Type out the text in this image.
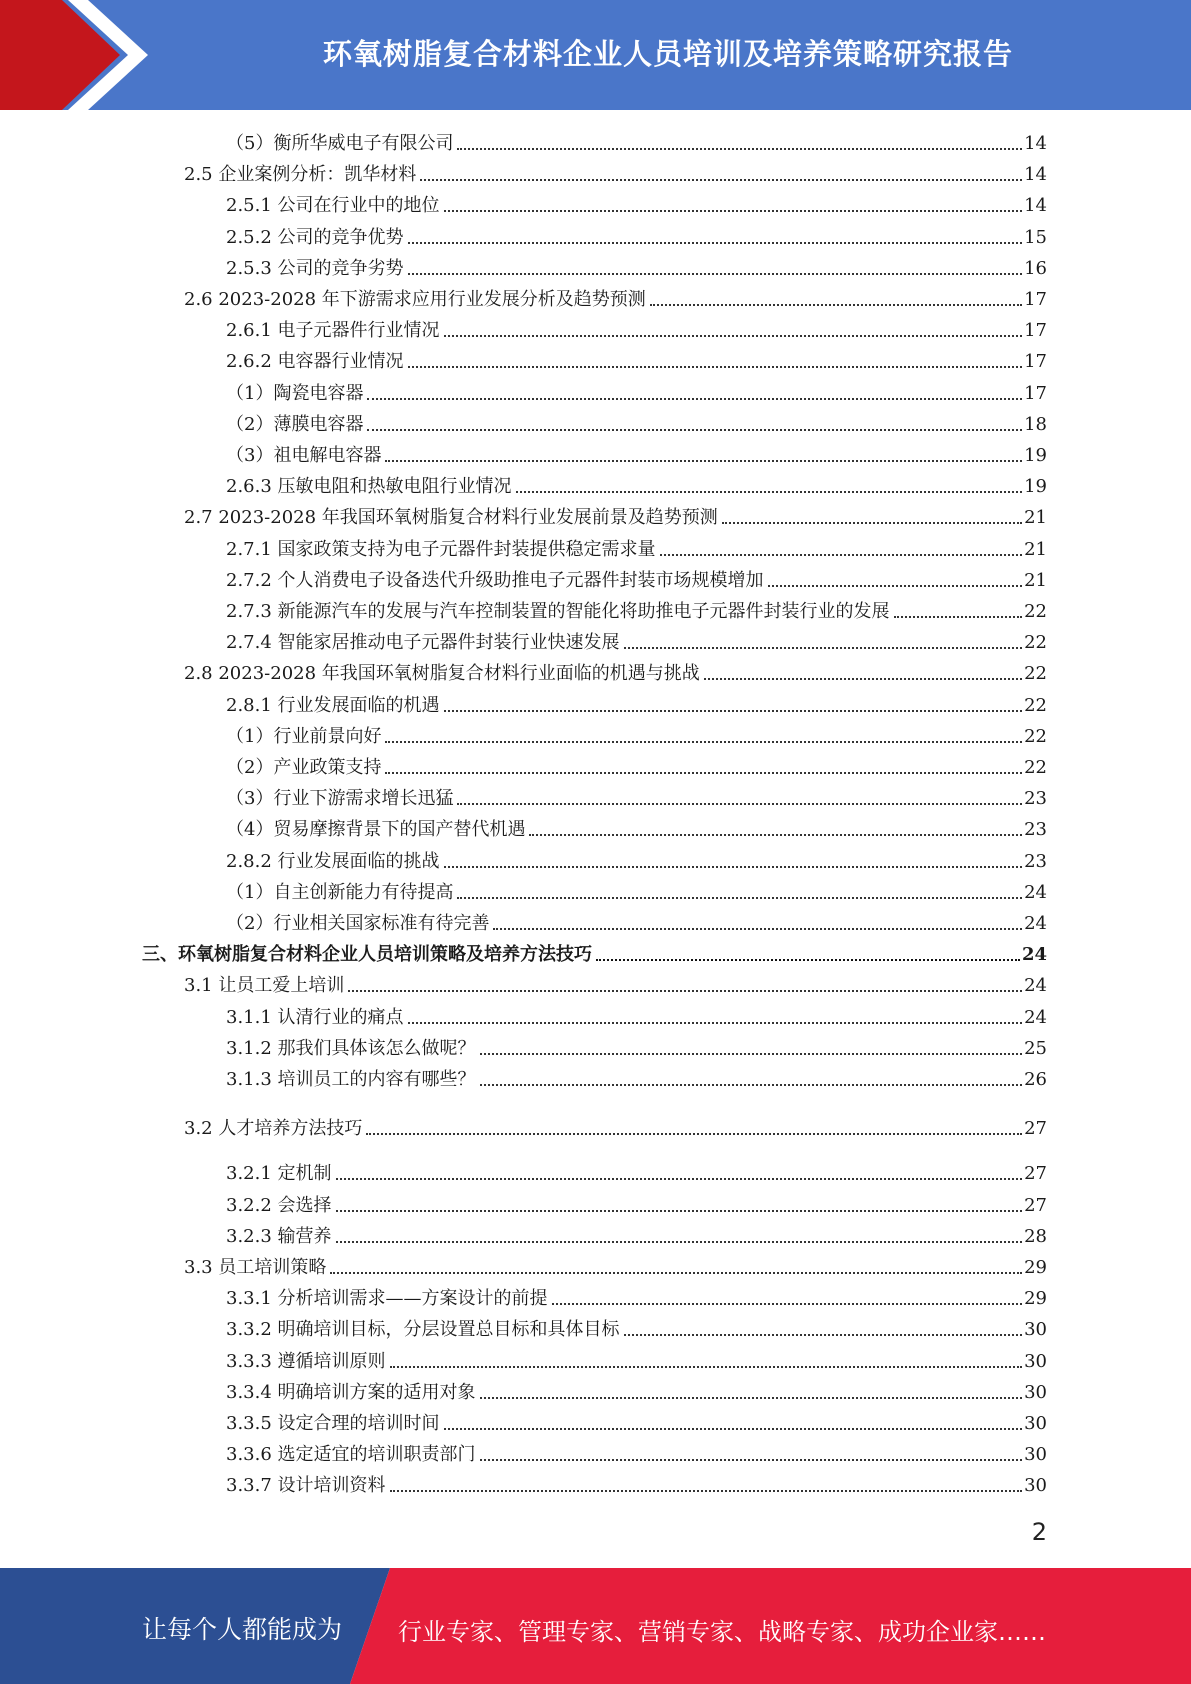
环氧树脂复合材料企业人员培训及培养策略研究报告
（5）衡所华威电子有限公司	14
2.5 企业案例分析：凯华材料	14
2.5.1 公司在行业中的地位	14
2.5.2 公司的竞争优势	15
2.5.3 公司的竞争劣势	16
2.6 2023-2028 年下游需求应用行业发展分析及趋势预测	17
2.6.1 电子元器件行业情况	17
2.6.2 电容器行业情况	17
（1）陶瓷电容器	17
（2）薄膜电容器	18
（3）祖电解电容器	19
2.6.3 压敏电阻和热敏电阻行业情况	19
2.7 2023-2028 年我国环氧树脂复合材料行业发展前景及趋势预测	21
2.7.1 国家政策支持为电子元器件封装提供稳定需求量	21
2.7.2 个人消费电子设备迭代升级助推电子元器件封装市场规模增加	21
2.7.3 新能源汽车的发展与汽车控制装置的智能化将助推电子元器件封装行业的发展	22
2.7.4 智能家居推动电子元器件封装行业快速发展	22
2.8 2023-2028 年我国环氧树脂复合材料行业面临的机遇与挑战	22
2.8.1 行业发展面临的机遇	22
（1）行业前景向好	22
（2）产业政策支持	22
（3）行业下游需求增长迅猛	23
（4）贸易摩擦背景下的国产替代机遇	23
2.8.2 行业发展面临的挑战	23
（1）自主创新能力有待提高	24
（2）行业相关国家标准有待完善	24
三、环氧树脂复合材料企业人员培训策略及培养方法技巧	24
3.1 让员工爱上培训	24
3.1.1 认清行业的痛点	24
3.1.2 那我们具体该怎么做呢？	25
3.1.3 培训员工的内容有哪些？	26
3.2 人才培养方法技巧	27
3.2.1 定机制	27
3.2.2 会选择	27
3.2.3 输营养	28
3.3 员工培训策略	29
3.3.1 分析培训需求——方案设计的前提	29
3.3.2 明确培训目标，分层设置总目标和具体目标	30
3.3.3 遵循培训原则	30
3.3.4 明确培训方案的适用对象	30
3.3.5 设定合理的培训时间	30
3.3.6 选定适宜的培训职责部门	30
3.3.7 设计培训资料	30
2
让每个人都能成为 行业专家、管理专家、营销专家、战略专家、成功企业家……
